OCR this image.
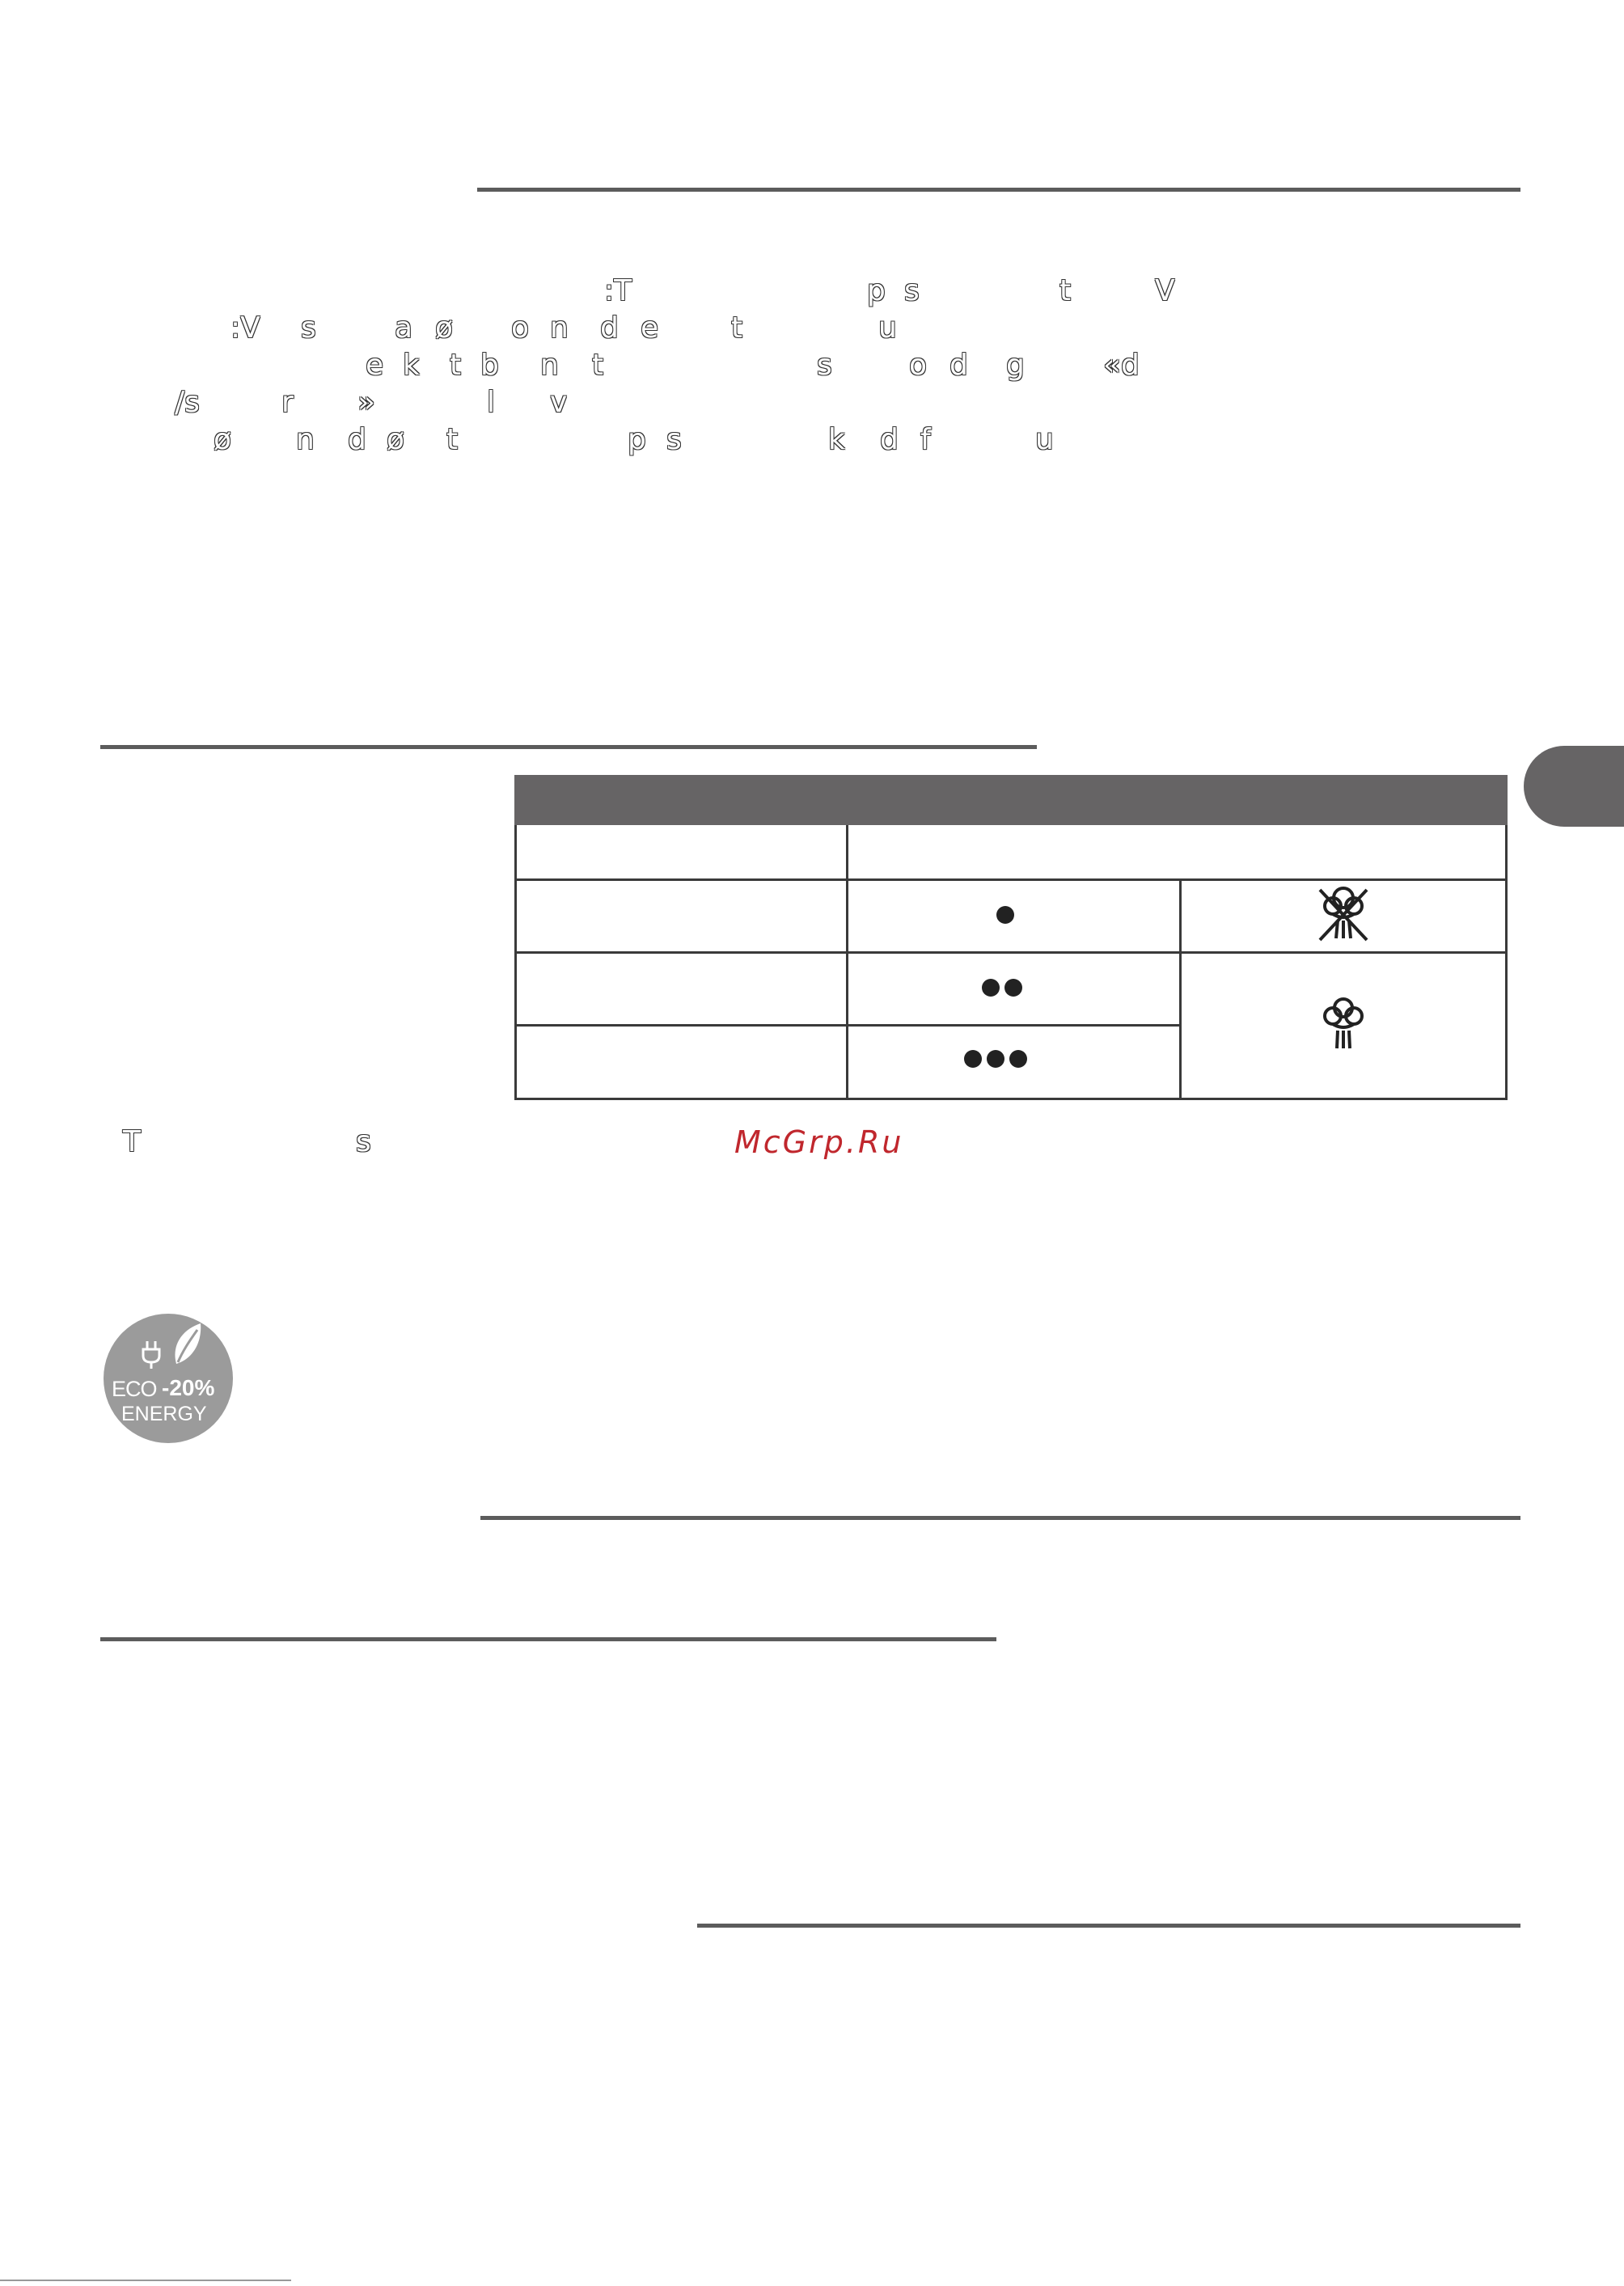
:T	p s	t	V
:V s	a ø o n d e t	u
e k t b n t	s	o d g	«d
/s	r »	l v
ø n d ø t	p s	k d f	u
T	s	McGrp.Ru
ECO -20%
ENERGY
